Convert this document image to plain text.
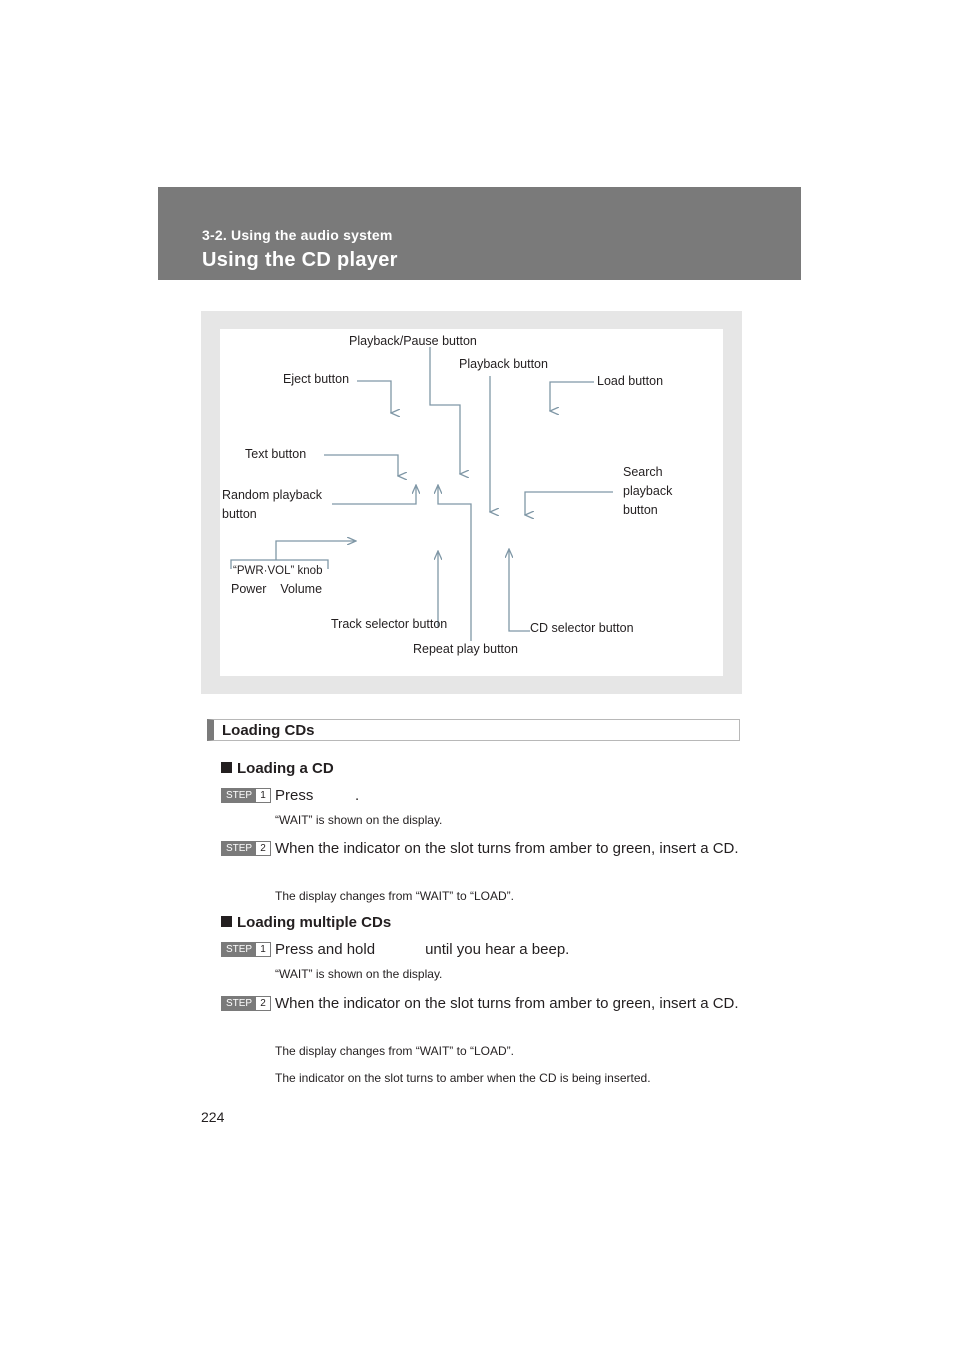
3-2. Using the audio system
Using the CD player
Playback/Pause button
Playback button
Eject button	Load button
Text button
Search playback button
Random playback button
“PWR·VOL” knob
Power    Volume
Track selector button	CD selector button
Repeat play button
Loading CDs
Loading a CD
STEP 1 Press          .
“WAIT” is shown on the display.
STEP 2 When the indicator on the slot turns from amber to green, insert a CD.
The display changes from “WAIT” to “LOAD”.
Loading multiple CDs
STEP 1 Press and hold            until you hear a beep.
“WAIT” is shown on the display.
STEP 2 When the indicator on the slot turns from amber to green, insert a CD.
The display changes from “WAIT” to “LOAD”.
The indicator on the slot turns to amber when the CD is being inserted.
224
